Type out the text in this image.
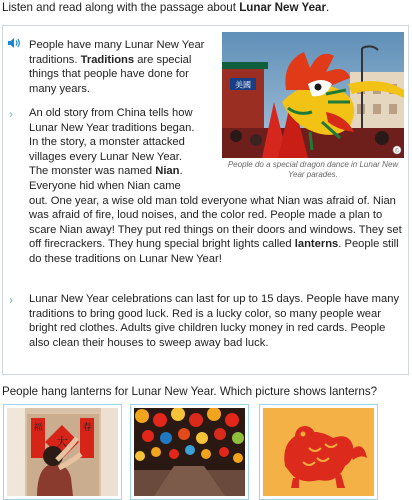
Listen and read along with the passage about Lunar New Year.
›
›
People have many Lunar New Year traditions. Traditions are special things that people have done for many years.
An old story from China tells how Lunar New Year traditions began. In the story, a monster attacked villages every Lunar New Year. The monster was named Nian. Everyone hid when Nian came out. One year, a wise old man told everyone what Nian was afraid of. Nian was afraid of fire, loud noises, and the color red. People made a plan to scare Nian away! They put red things on their doors and windows. They set off firecrackers. They hung special bright lights called lanterns. People still do these traditions on Lunar New Year!
Lunar New Year celebrations can last for up to 15 days. People have many traditions to bring good luck. Red is a lucky color, so many people wear bright red clothes. Adults give children lucky money in red cards. People also clean their houses to sweep away bad luck.
美國
©
People do a special dragon dance in Lunar New Year parades.
People hang lanterns for Lunar New Year. Which picture shows lanterns?
福	春
大
